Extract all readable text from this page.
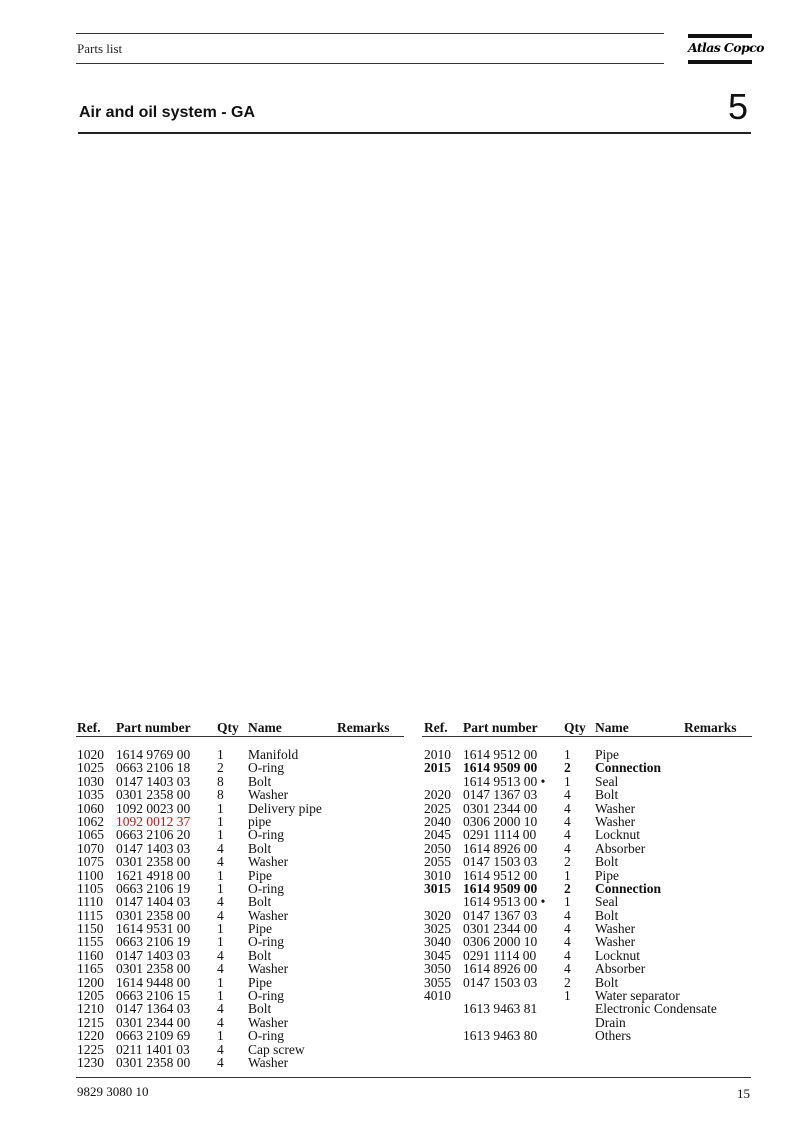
Parts list	Atlas Copco
Air and oil system - GA	5
Ref. Part number Qty Name	Remarks	Ref. Part number Qty Name	Remarks
1020 1614 9769 00 1 Manifold
1025 0663 2106 18 2 O-ring
1030 0147 1403 03 8 Bolt
1035 0301 2358 00 8 Washer
1060 1092 0023 00 1 Delivery pipe
1062 1092 0012 37 1 pipe
1065 0663 2106 20 1 O-ring
1070 0147 1403 03 4 Bolt
1075 0301 2358 00 4 Washer
1100 1621 4918 00 1 Pipe
1105 0663 2106 19 1 O-ring
1110 0147 1404 03 4 Bolt
1115 0301 2358 00 4 Washer
1150 1614 9531 00 1 Pipe
1155 0663 2106 19 1 O-ring
1160 0147 1403 03 4 Bolt
1165 0301 2358 00 4 Washer
1200 1614 9448 00 1 Pipe
1205 0663 2106 15 1 O-ring
1210 0147 1364 03 4 Bolt
1215 0301 2344 00 4 Washer
1220 0663 2109 69 1 O-ring
1225 0211 1401 03 4 Cap screw
1230 0301 2358 00 4 Washer
2010 1614 9512 00 1 Pipe
2015 1614 9509 00 2 Connection
1614 9513 00 • 1 Seal
2020 0147 1367 03 4 Bolt
2025 0301 2344 00 4 Washer
2040 0306 2000 10 4 Washer
2045 0291 1114 00 4 Locknut
2050 1614 8926 00 4 Absorber
2055 0147 1503 03 2 Bolt
3010 1614 9512 00 1 Pipe
3015 1614 9509 00 2 Connection
1614 9513 00 • 1 Seal
3020 0147 1367 03 4 Bolt
3025 0301 2344 00 4 Washer
3040 0306 2000 10 4 Washer
3045 0291 1114 00 4 Locknut
3050 1614 8926 00 4 Absorber
3055 0147 1503 03 2 Bolt
4010	1 Water separator
1613 9463 81	Electronic Condensate
Drain
1613 9463 80	Others
9829 3080 10	15
